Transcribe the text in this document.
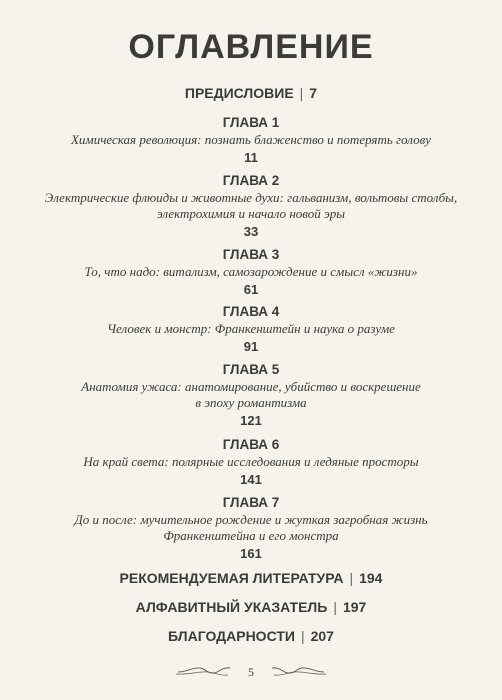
ОГЛАВЛЕНИЕ
ПРЕДИСЛОВИЕ | 7
ГЛАВА 1
Химическая революция: познать блаженство и потерять голову
11
ГЛАВА 2
Электрические флюиды и животные духи: гальванизм, вольтовы столбы,
электрохимия и начало новой эры
33
ГЛАВА 3
То, что надо: витализм, самозарождение и смысл «жизни»
61
ГЛАВА 4
Человек и монстр: Франкенштейн и наука о разуме
91
ГЛАВА 5
Анатомия ужаса: анатомирование, убийство и воскрешение
в эпоху романтизма
121
ГЛАВА 6
На край света: полярные исследования и ледяные просторы
141
ГЛАВА 7
До и после: мучительное рождение и жуткая загробная жизнь
Франкенштейна и его монстра
161
РЕКОМЕНДУЕМАЯ ЛИТЕРАТУРА | 194
АЛФАВИТНЫЙ УКАЗАТЕЛЬ | 197
БЛАГОДАРНОСТИ | 207
5
